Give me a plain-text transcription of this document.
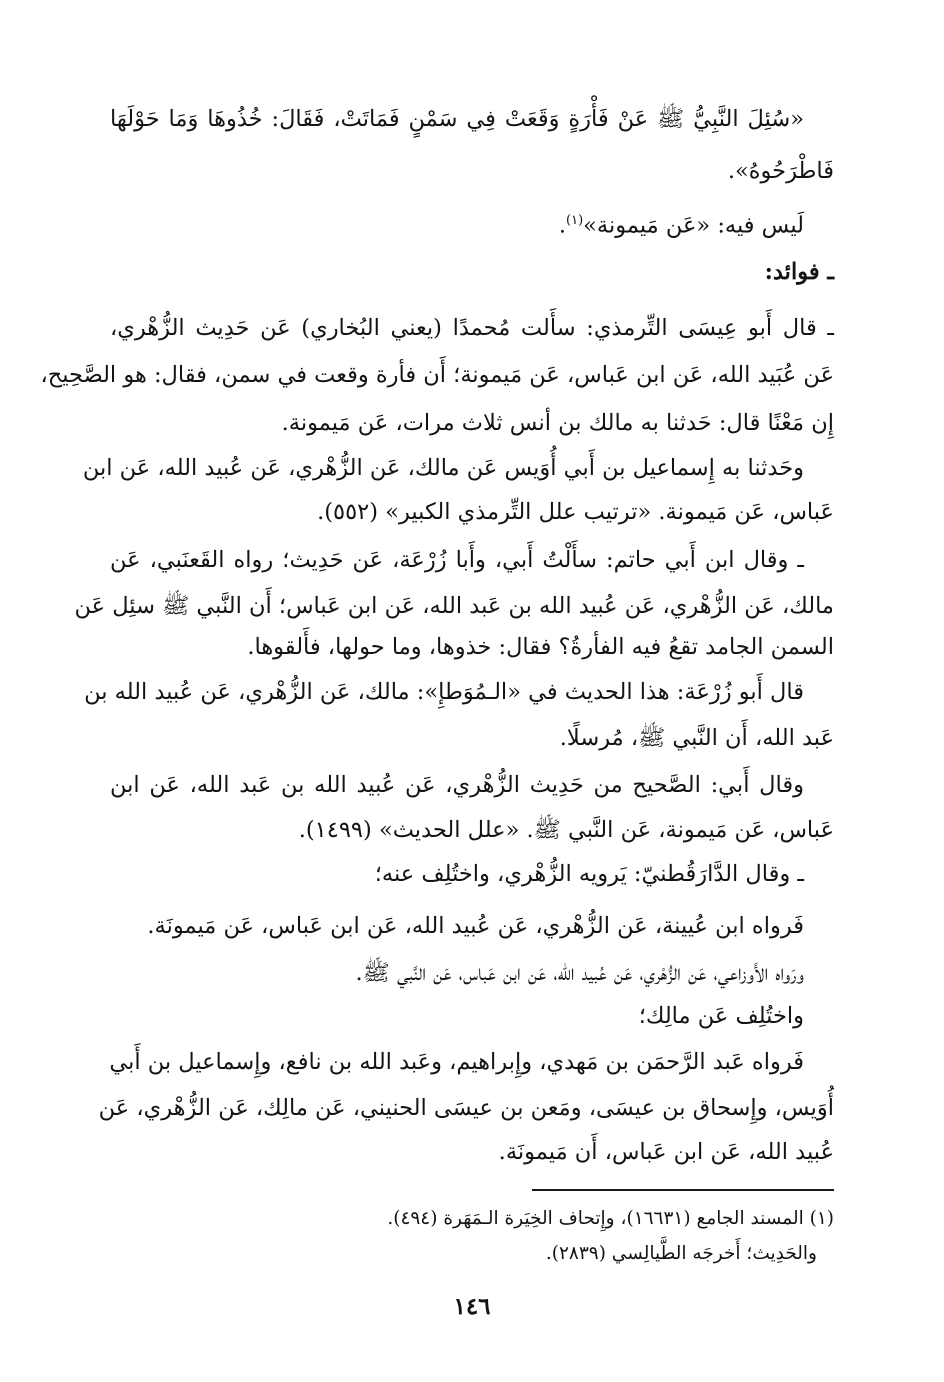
«سُئِلَ النَّبِيُّ ﷺ عَنْ فَأْرَةٍ وَقَعَتْ فِي سَمْنٍ فَمَاتَتْ، فَقَالَ: خُذُوهَا وَمَا حَوْلَهَا
فَاطْرَحُوهُ».
لَيس فيه: «عَن مَيمونة»$^{(١)}$.
ـ فوائد:
ـ قال أَبو عِيسَى التِّرمذي: سأَلت مُحمدًا (يعني البُخاري) عَن حَدِيث الزُّهْري،
عَن عُبَيد الله، عَن ابن عَباس، عَن مَيمونة؛ أَن فأرة وقعت في سمن، فقال: هو الصَّحِيح،
إِن مَعْنًا قال: حَدثنا به مالك بن أنس ثلاث مرات، عَن مَيمونة.
وحَدثنا به إِسماعيل بن أَبي أُوَيس عَن مالك، عَن الزُّهْري، عَن عُبيد الله، عَن ابن
عَباس، عَن مَيمونة. «ترتيب علل التِّرمذي الكبير» (٥٥٢).
ـ وقال ابن أَبي حاتم: سأَلْتُ أَبي، وأَبا زُرْعَة، عَن حَدِيث؛ رواه القَعنَبي، عَن
مالك، عَن الزُّهْري، عَن عُبيد الله بن عَبد الله، عَن ابن عَباس؛ أَن النَّبي ﷺ سئِل عَن
السمن الجامد تقعُ فيه الفأرةُ؟ فقال: خذوها، وما حولها، فأَلقوها.
قال أَبو زُرْعَة: هذا الحديث في «الـمُوَطإِ»: مالك، عَن الزُّهْري، عَن عُبيد الله بن
عَبد الله، أَن النَّبي ﷺ، مُرسلًا.
وقال أَبي: الصَّحيح من حَدِيث الزُّهْري، عَن عُبيد الله بن عَبد الله، عَن ابن
عَباس، عَن مَيمونة، عَن النَّبي ﷺ. «علل الحديث» (١٤٩٩).
ـ وقال الدَّارَقُطنيّ: يَرويه الزُّهْري، واختُلِف عنه؛
فَرواه ابن عُيينة، عَن الزُّهْري، عَن عُبيد الله، عَن ابن عَباس، عَن مَيمونَة.
ورَواه الأَوزاعي، عَن الزُّهْري، عَن عُبيد الله، عَن ابن عَباس، عَن النَّبي ﷺ.
واختُلِف عَن مالِك؛
فَرواه عَبد الرَّحمَن بن مَهدي، وإِبراهيم، وعَبد الله بن نافع، وإِسماعيل بن أَبي
أُوَيس، وإِسحاق بن عيسَى، ومَعن بن عيسَى الحنيني، عَن مالِك، عَن الزُّهْري، عَن
عُبيد الله، عَن ابن عَباس، أَن مَيمونَة.
(١) المسند الجامع (١٦٦٣١)، وإِتحاف الخِيَرة الـمَهَرة (٤٩٤).
والحَدِيث؛ أَخرجَه الطَّيالِسي (٢٨٣٩).
١٤٦
